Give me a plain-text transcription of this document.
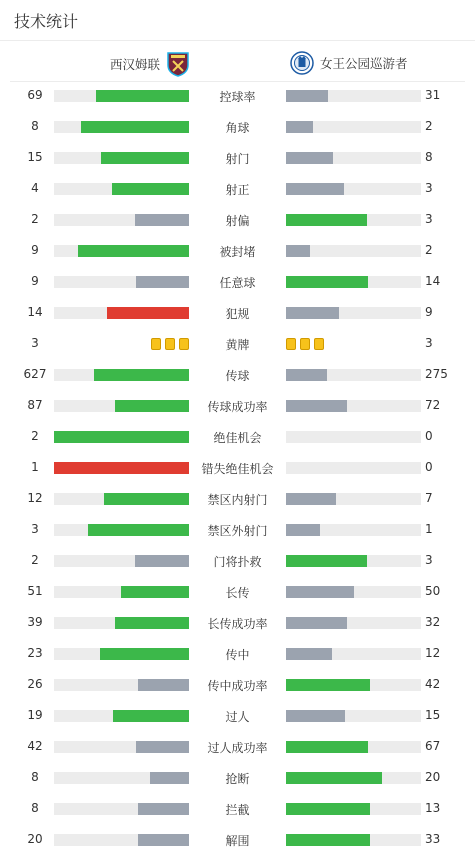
技术统计
西汉姆联	女王公园巡游者
69	控球率	31
8	角球	2
15	射门	8
4	射正	3
2	射偏	3
9	被封堵	2
9	任意球	14
14	犯规	9
3	黄牌	3
627	传球	275
87	传球成功率	72
2	绝佳机会	0
1	错失绝佳机会	0
12	禁区内射门	7
3	禁区外射门	1
2	门将扑救	3
51	长传	50
39	长传成功率	32
23	传中	12
26	传中成功率	42
19	过人	15
42	过人成功率	67
8	抢断	20
8	拦截	13
20	解围	33
